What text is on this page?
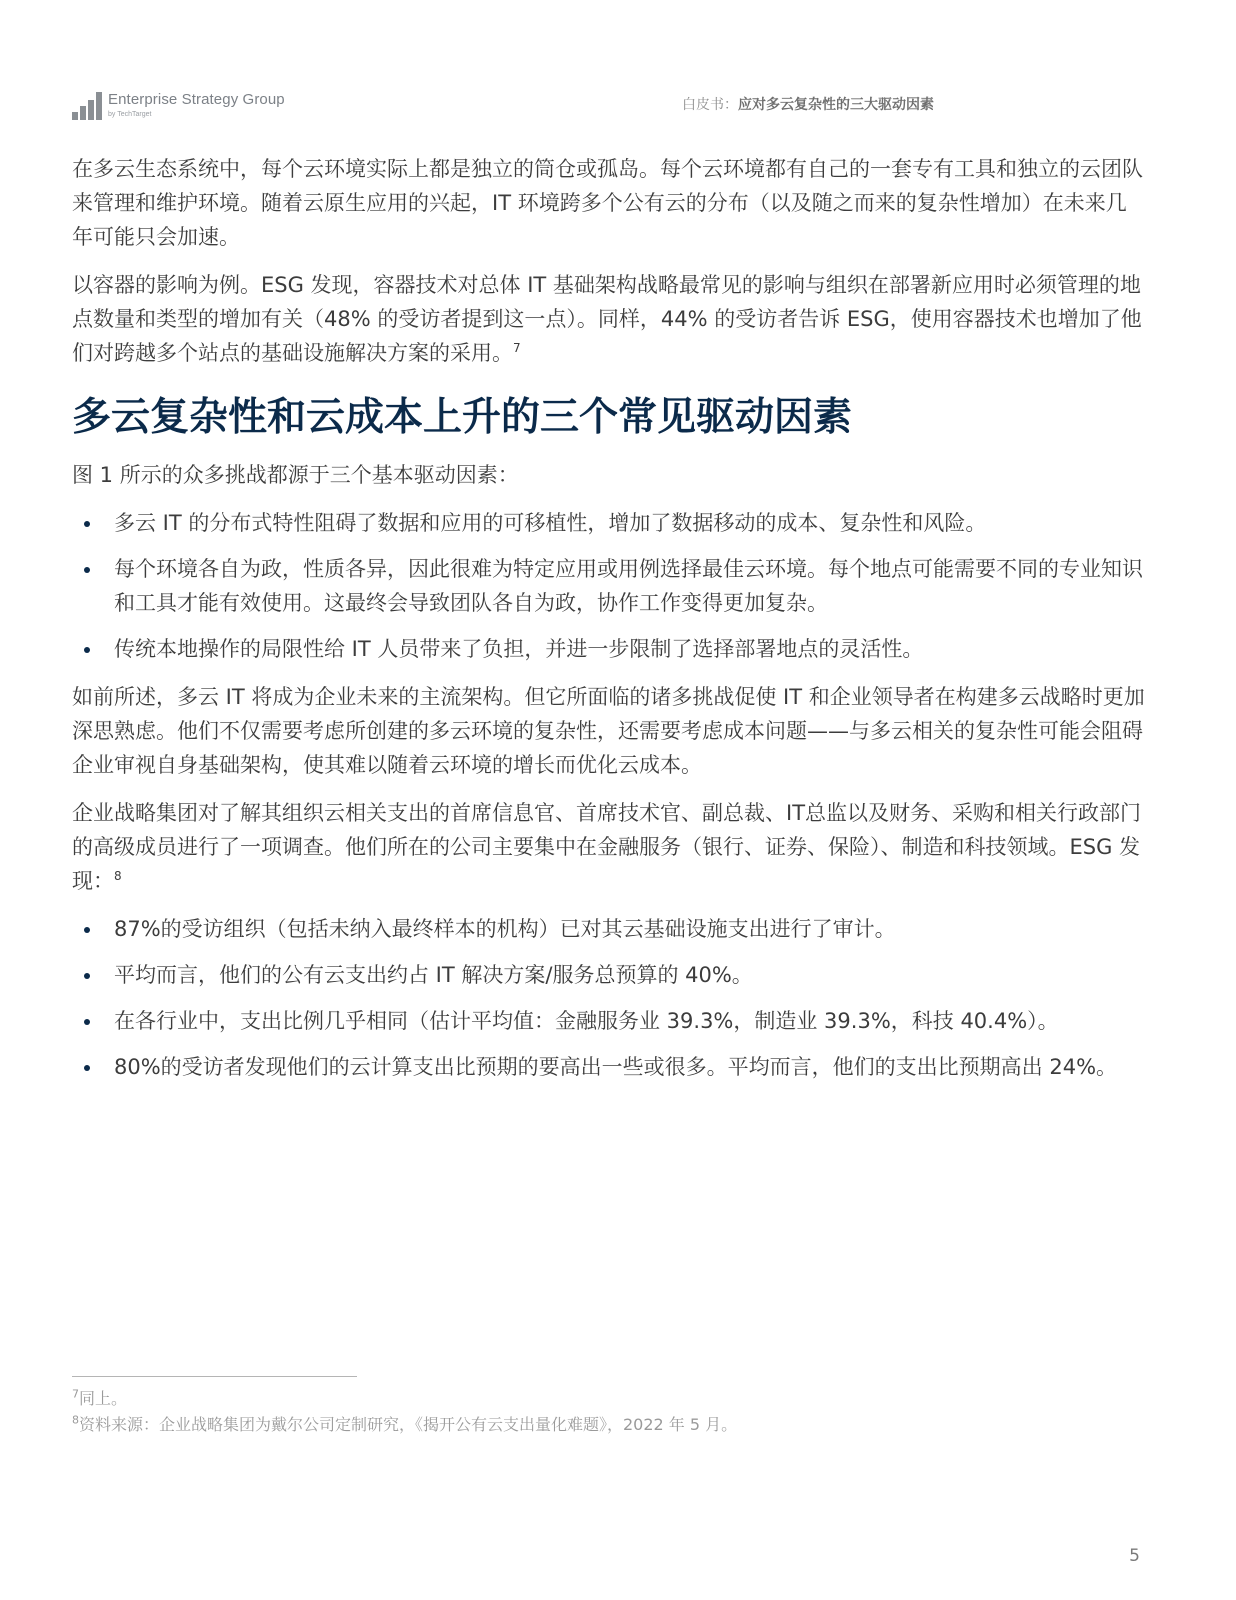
Enterprise Strategy Group
by TechTarget
白皮书：应对多云复杂性的三大驱动因素

在多云生态系统中，每个云环境实际上都是独立的筒仓或孤岛。每个云环境都有自己的一套专有工具和独立的云团队来管理和维护环境。随着云原生应用的兴起，IT 环境跨多个公有云的分布（以及随之而来的复杂性增加）在未来几年可能只会加速。

以容器的影响为例。ESG 发现，容器技术对总体 IT 基础架构战略最常见的影响与组织在部署新应用时必须管理的地点数量和类型的增加有关（48% 的受访者提到这一点）。同样，44% 的受访者告诉 ESG，使用容器技术也增加了他们对跨越多个站点的基础设施解决方案的采用。$^7$

多云复杂性和云成本上升的三个常见驱动因素

图 1 所示的众多挑战都源于三个基本驱动因素：

多云 IT 的分布式特性阻碍了数据和应用的可移植性，增加了数据移动的成本、复杂性和风险。
每个环境各自为政，性质各异，因此很难为特定应用或用例选择最佳云环境。每个地点可能需要不同的专业知识和工具才能有效使用。这最终会导致团队各自为政，协作工作变得更加复杂。
传统本地操作的局限性给 IT 人员带来了负担，并进一步限制了选择部署地点的灵活性。

如前所述，多云 IT 将成为企业未来的主流架构。但它所面临的诸多挑战促使 IT 和企业领导者在构建多云战略时更加深思熟虑。他们不仅需要考虑所创建的多云环境的复杂性，还需要考虑成本问题——与多云相关的复杂性可能会阻碍企业审视自身基础架构，使其难以随着云环境的增长而优化云成本。

企业战略集团对了解其组织云相关支出的首席信息官、首席技术官、副总裁、IT总监以及财务、采购和相关行政部门的高级成员进行了一项调查。他们所在的公司主要集中在金融服务（银行、证券、保险）、制造和科技领域。ESG 发现：$^8$

87%的受访组织（包括未纳入最终样本的机构）已对其云基础设施支出进行了审计。
平均而言，他们的公有云支出约占 IT 解决方案/服务总预算的 40%。
在各行业中，支出比例几乎相同（估计平均值：金融服务业 39.3%，制造业 39.3%，科技 40.4%）。
80%的受访者发现他们的云计算支出比预期的要高出一些或很多。平均而言，他们的支出比预期高出 24%。
$^7$同上。
$^8$资料来源：企业战略集团为戴尔公司定制研究，《揭开公有云支出量化难题》，2022 年 5 月。
5
